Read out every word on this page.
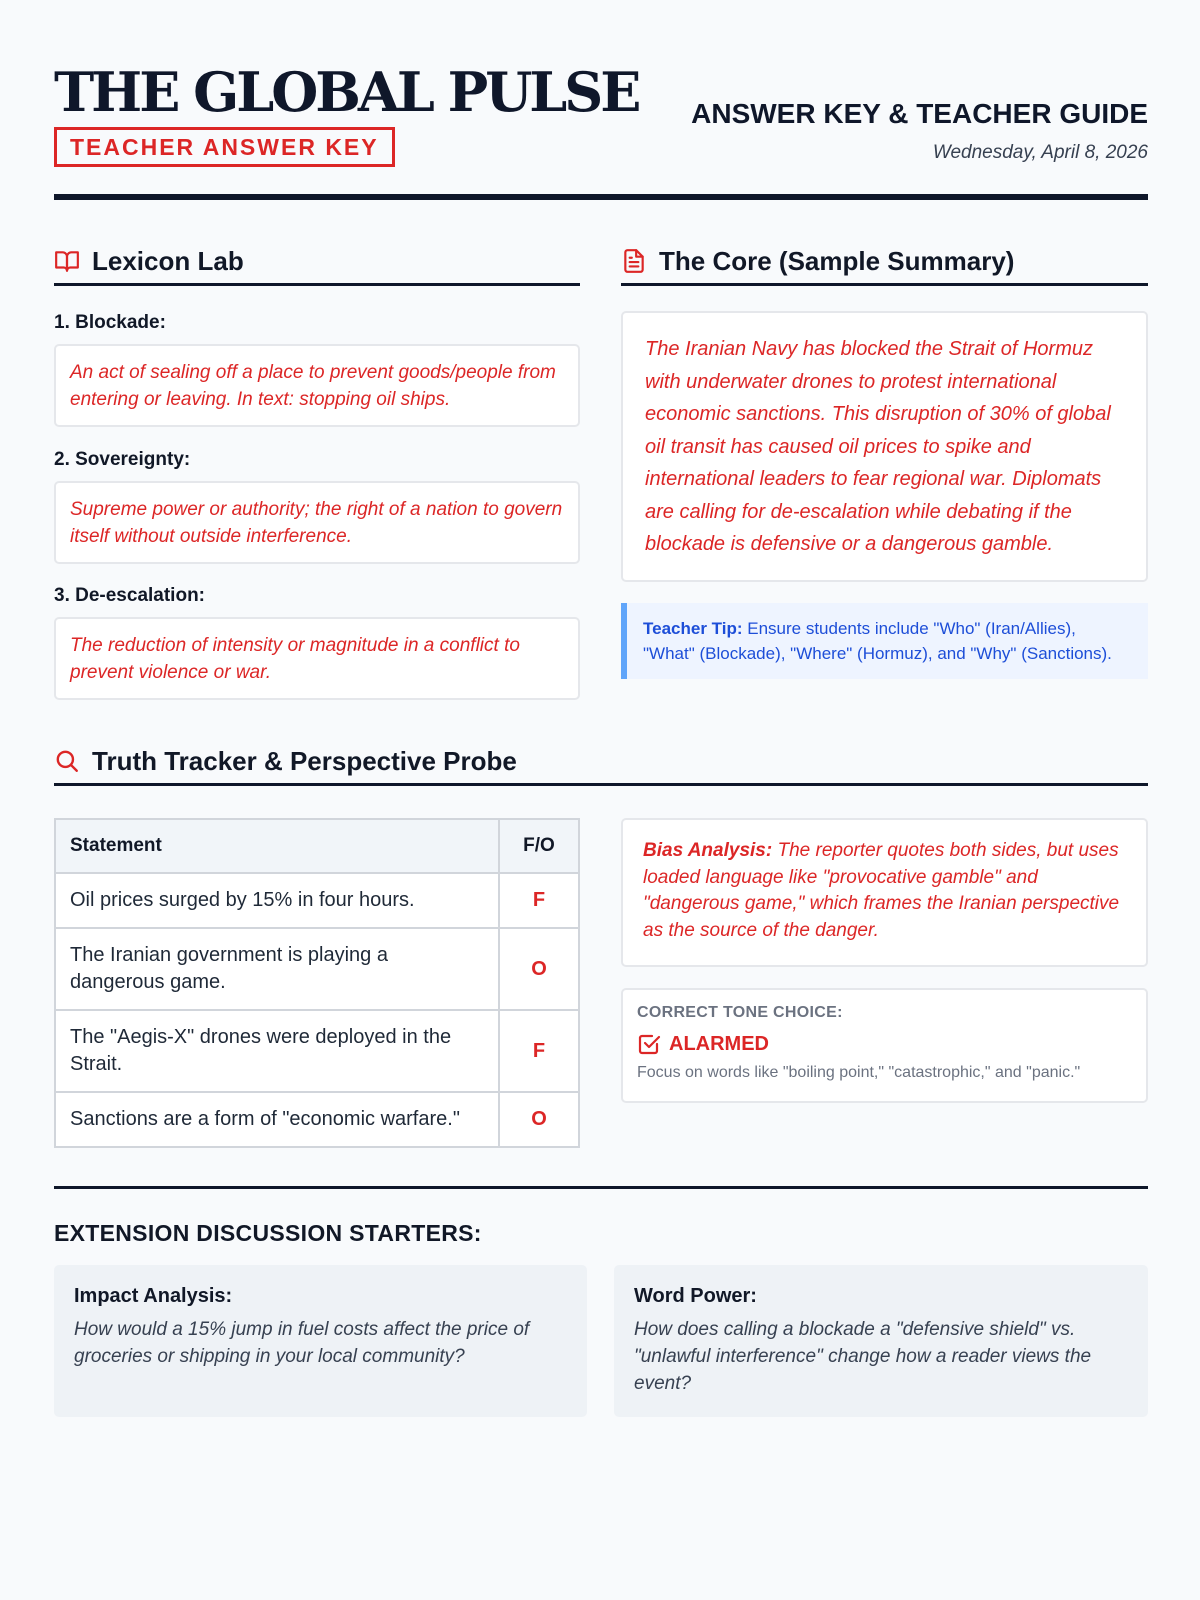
THE GLOBAL PULSE
TEACHER ANSWER KEY
ANSWER KEY & TEACHER GUIDE
Wednesday, April 8, 2026
Lexicon Lab
1. Blockade:
An act of sealing off a place to prevent goods/people from entering or leaving. In text: stopping oil ships.
2. Sovereignty:
Supreme power or authority; the right of a nation to govern itself without outside interference.
3. De-escalation:
The reduction of intensity or magnitude in a conflict to prevent violence or war.
The Core (Sample Summary)
The Iranian Navy has blocked the Strait of Hormuz with underwater drones to protest international economic sanctions. This disruption of 30% of global oil transit has caused oil prices to spike and international leaders to fear regional war. Diplomats are calling for de-escalation while debating if the blockade is defensive or a dangerous gamble.
Teacher Tip: Ensure students include "Who" (Iran/Allies), "What" (Blockade), "Where" (Hormuz), and "Why" (Sanctions).
Truth Tracker & Perspective Probe
Statement	F/O
Oil prices surged by 15% in four hours.	F
The Iranian government is playing a dangerous game.	O
The "Aegis-X" drones were deployed in the Strait.	F
Sanctions are a form of "economic warfare."	O
Bias Analysis: The reporter quotes both sides, but uses loaded language like "provocative gamble" and "dangerous game," which frames the Iranian perspective as the source of the danger.
CORRECT TONE CHOICE:
ALARMED
Focus on words like "boiling point," "catastrophic," and "panic."
EXTENSION DISCUSSION STARTERS:
Impact Analysis:

How would a 15% jump in fuel costs affect the price of groceries or shipping in your local community?

Word Power:

How does calling a blockade a "defensive shield" vs. "unlawful interference" change how a reader views the event?
